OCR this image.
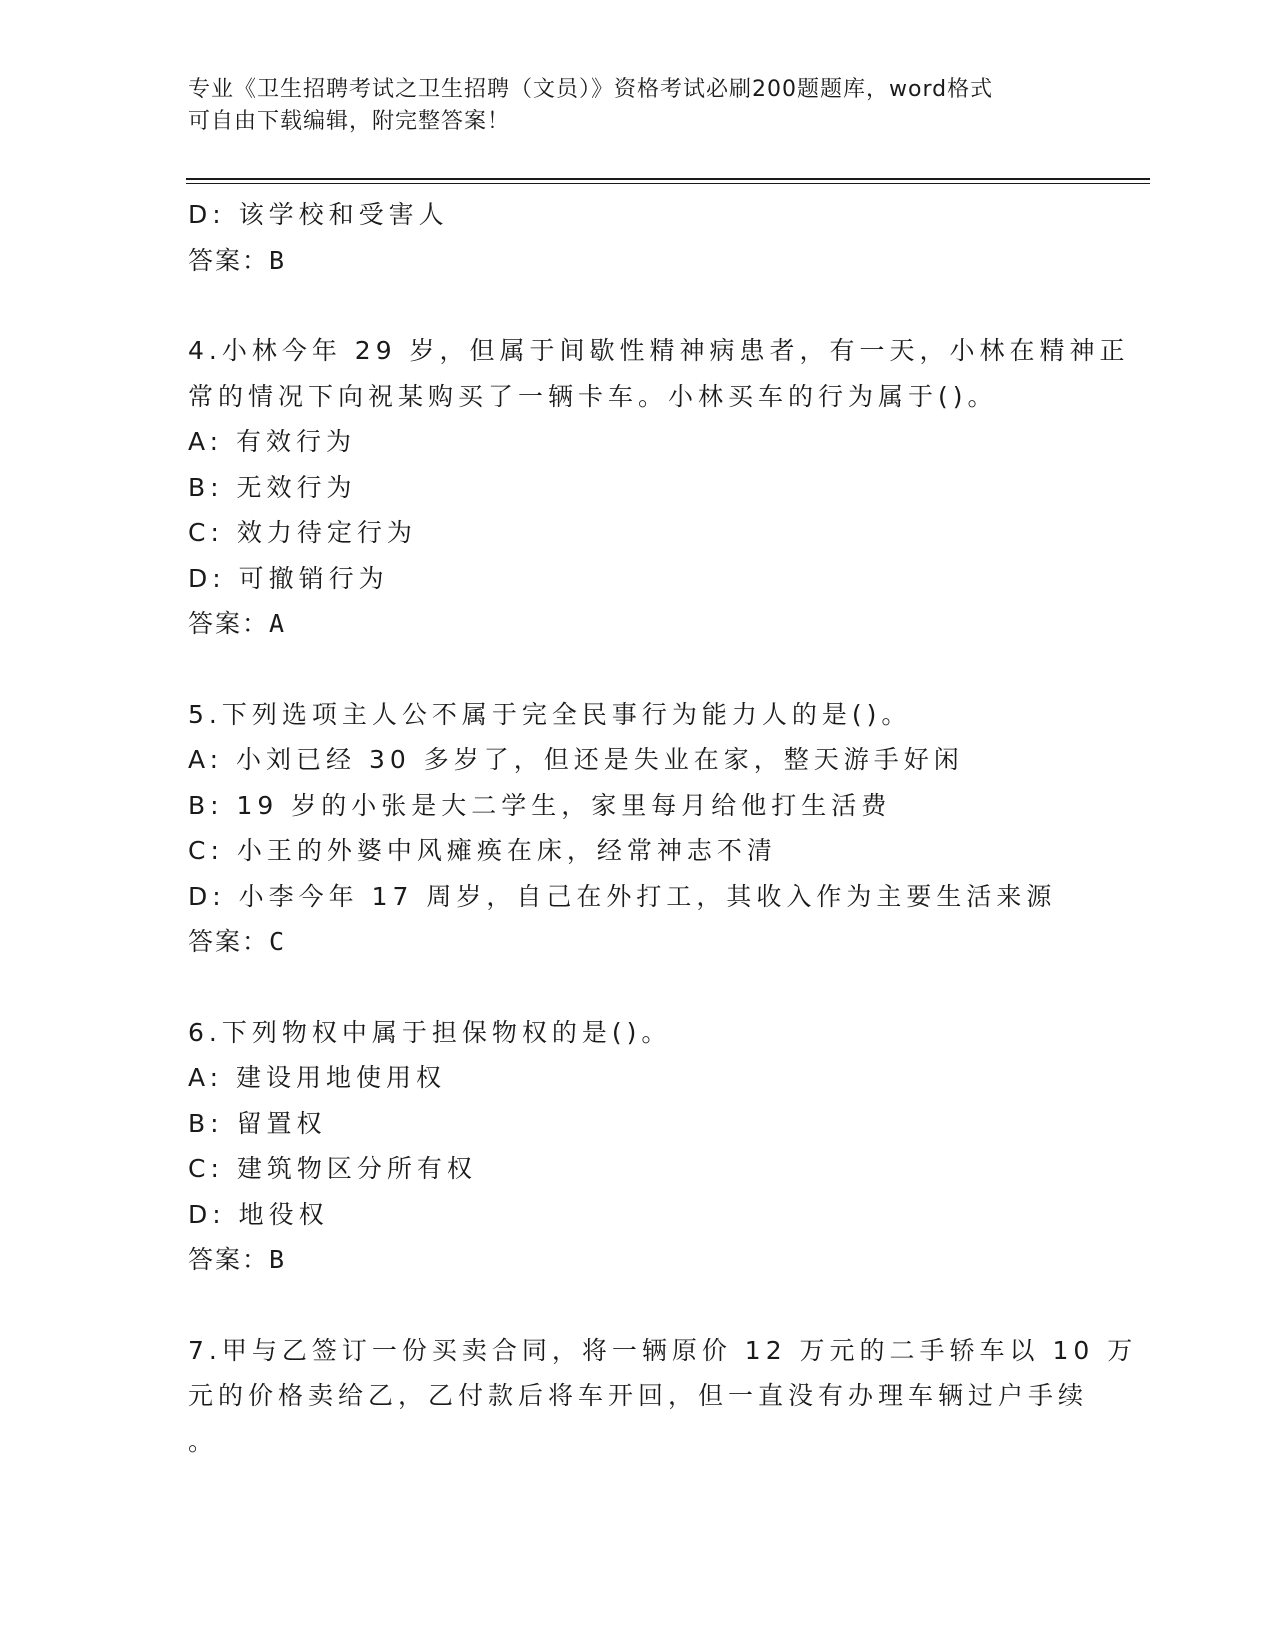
专业《卫生招聘考试之卫生招聘（文员）》资格考试必刷200题题库，word格式
可自由下载编辑，附完整答案！
D: 该学校和受害人
答案：B
4.小林今年 29 岁，但属于间歇性精神病患者，有一天，小林在精神正
常的情况下向祝某购买了一辆卡车。小林买车的行为属于()。
A: 有效行为
B: 无效行为
C: 效力待定行为
D: 可撤销行为
答案：A
5.下列选项主人公不属于完全民事行为能力人的是()。
A: 小刘已经 30 多岁了，但还是失业在家，整天游手好闲
B: 19 岁的小张是大二学生，家里每月给他打生活费
C: 小王的外婆中风瘫痪在床，经常神志不清
D: 小李今年 17 周岁，自己在外打工，其收入作为主要生活来源
答案：C
6.下列物权中属于担保物权的是()。
A: 建设用地使用权
B: 留置权
C: 建筑物区分所有权
D: 地役权
答案：B
7.甲与乙签订一份买卖合同，将一辆原价 12 万元的二手轿车以 10 万
元的价格卖给乙，乙付款后将车开回，但一直没有办理车辆过户手续
。
